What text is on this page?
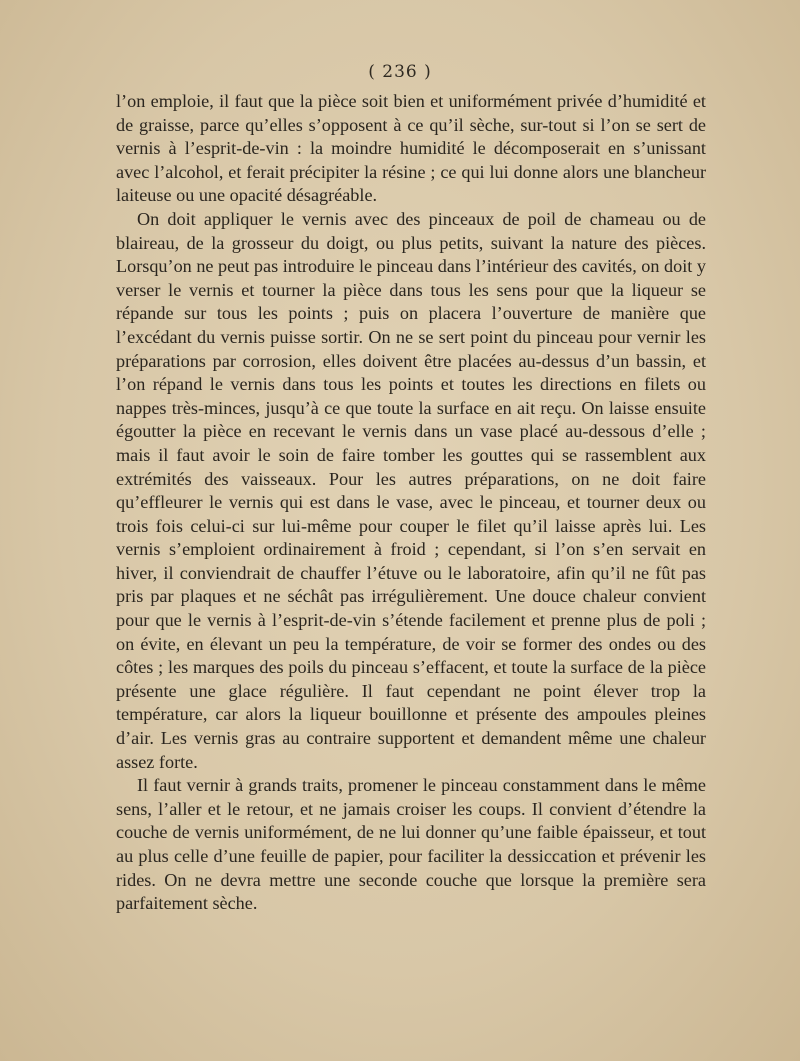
( 236 )

l’on emploie, il faut que la pièce soit bien et uniformément privée d’humidité et de graisse, parce qu’elles s’opposent à ce qu’il sèche, sur-tout si l’on se sert de vernis à l’esprit-de-vin : la moindre humidité le décomposerait en s’unissant avec l’alcohol, et ferait précipiter la résine ; ce qui lui donne alors une blancheur laiteuse ou une opacité désagréable.

On doit appliquer le vernis avec des pinceaux de poil de chameau ou de blaireau, de la grosseur du doigt, ou plus petits, suivant la nature des pièces. Lorsqu’on ne peut pas introduire le pinceau dans l’intérieur des cavités, on doit y verser le vernis et tourner la pièce dans tous les sens pour que la liqueur se répande sur tous les points ; puis on placera l’ouverture de manière que l’excédant du vernis puisse sortir. On ne se sert point du pinceau pour vernir les préparations par corrosion, elles doivent être placées au-dessus d’un bassin, et l’on répand le vernis dans tous les points et toutes les directions en filets ou nappes très-minces, jusqu’à ce que toute la surface en ait reçu. On laisse ensuite égoutter la pièce en recevant le vernis dans un vase placé au-dessous d’elle ; mais il faut avoir le soin de faire tomber les gouttes qui se rassemblent aux extrémités des vaisseaux. Pour les autres préparations, on ne doit faire qu’effleurer le vernis qui est dans le vase, avec le pinceau, et tourner deux ou trois fois celui-ci sur lui-même pour couper le filet qu’il laisse après lui. Les vernis s’emploient ordinairement à froid ; cependant, si l’on s’en servait en hiver, il conviendrait de chauffer l’étuve ou le laboratoire, afin qu’il ne fût pas pris par plaques et ne séchât pas irrégulièrement. Une douce chaleur convient pour que le vernis à l’esprit-de-vin s’étende facilement et prenne plus de poli ; on évite, en élevant un peu la température, de voir se former des ondes ou des côtes ; les marques des poils du pinceau s’effacent, et toute la surface de la pièce présente une glace régulière. Il faut cependant ne point élever trop la température, car alors la liqueur bouillonne et présente des ampoules pleines d’air. Les vernis gras au contraire supportent et demandent même une chaleur assez forte.

Il faut vernir à grands traits, promener le pinceau constamment dans le même sens, l’aller et le retour, et ne jamais croiser les coups. Il convient d’étendre la couche de vernis uniformément, de ne lui donner qu’une faible épaisseur, et tout au plus celle d’une feuille de papier, pour faciliter la dessiccation et prévenir les rides. On ne devra mettre une seconde couche que lorsque la première sera parfaitement sèche.
